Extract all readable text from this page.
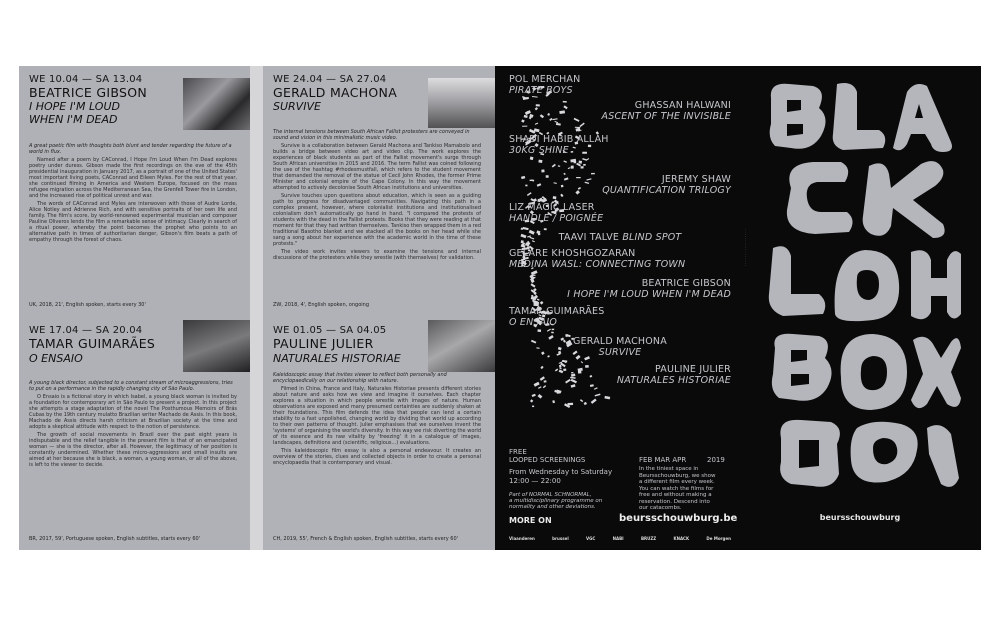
WE 10.04 — SA 13.04
BEATRICE GIBSON
I HOPE I'M LOUD
WHEN I'M DEAD
A great poetic film with thoughts both blunt and tender regarding the future of a world in flux.

Named after a poem by CAConrad, I Hope I'm Loud When I'm Dead explores poetry under duress. Gibson made the first recordings on the eve of the 45th presidential inauguration in January 2017, as a portrait of one of the United States' most important living poets, CAConrad and Eileen Myles. For the rest of that year, she continued filming in America and Western Europe, focused on the mass refugee migration across the Mediterranean Sea, the Grenfell Tower fire in London, and the increased rise of political unrest and war.

The words of CAConrad and Myles are interwoven with those of Audre Lorde, Alice Notley and Adrienne Rich, and with sensitive portraits of her own life and family. The film's score, by world-renowned experimental musician and composer Pauline Oliveros lends the film a remarkable sense of intimacy. Clearly in search of a ritual power, whereby the point becomes the prophet who points to an alternative path in times of authoritarian danger, Gibson's film beats a path of empathy through the forest of chaos.

UK, 2018, 21', English spoken, starts every 30'
WE 17.04 — SA 20.04
TAMAR GUIMARÃES
O ENSAIO
A young black director, subjected to a constant stream of microaggressions, tries to put on a performance in the rapidly changing city of São Paulo.

O Ensaio is a fictional story in which Isabel, a young black woman is invited by a foundation for contemporary art in São Paulo to present a project. In this project she attempts a stage adaptation of the novel The Posthumous Memoirs of Brás Cubas by the 19th century mulatto Brazilian writer Machado de Assis. In this book, Machado de Assis directs harsh criticism at Brazilian society at the time and adopts a skeptical attitude with respect to the notion of persistence.

The growth of social movements in Brazil over the past eight years is indisputable and the relief tangible in the present film is that of an emancipated woman — she is the director, after all. However, the legitimacy of her position is constantly undermined. Whether these micro-aggressions and small insults are aimed at her because she is black, a woman, a young woman, or all of the above, is left to the viewer to decide.

BR, 2017, 59', Portuguese spoken, English subtitles, starts every 60'
WE 24.04 — SA 27.04
GERALD MACHONA
SURVIVE
The internal tensions between South African Fallist protesters are conveyed in sound and vision in this minimalistic music video.

Survive is a collaboration between Gerald Machona and Tankiso Mamabolo and builds a bridge between video art and video clip. The work explores the experiences of black students as part of the Fallist movement's surge through South African universities in 2015 and 2016. The term Fallist was coined following the use of the hashtag #rhodesmustfall, which refers to the student movement that demanded the removal of the statue of Cecil John Rhodes, the former Prime Minister and colonial empire of the Cape Colony. In this way the movement attempted to actively decolonise South African institutions and universities.

Survive touches upon questions about education, which is seen as a guiding path to progress for disadvantaged communities. Navigating this path in a complex present, however, where colonialist institutions and institutionalised colonialism don't automatically go hand in hand. "I compared the protests of students with the dead in the Fallist protests. Books that they were reading at that moment for that they had written themselves. Tankiso then wrapped them in a red traditional Basotho blanket and we stacked all the books on her head while she sang a song about her experience with the academic world in the time of these protests."

The video work invites viewers to examine the tensions and internal discussions of the protesters while they wrestle (with themselves) for validation.

ZW, 2018, 4', English spoken, ongoing
WE 01.05 — SA 04.05
PAULINE JULIER
NATURALES HISTORIAE
Kaleidoscopic essay that invites viewer to reflect both personally and encyclopaedically on our relationship with nature.

Filmed in China, France and Italy, Naturales Historiae presents different stories about nature and asks how we view and imagine it ourselves. Each chapter explores a situation in which people wrestle with images of nature. Human observations are exposed and many presumed certainties are suddenly shaken at their foundations. This film defends the idea that people can lend a certain stability to a fast unpolished, changing world by dividing that world up according to their own patterns of thought. Julier emphasises that we ourselves invent the 'systems' of organising the world's diversity. In this way we risk diverting the world of its essence and its raw vitality by 'freezing' it in a catalogue of images, landscapes, definitions and (scientific, religious...) evaluations.

This kaleidoscopic film essay is also a personal endeavour. It creates an overview of the stories, clues and collected objects in order to create a personal encyclopaedia that is contemporary and visual.

CH, 2019, 55', French & English spoken, English subtitles, starts every 60'
POL MERCHAN
PIRATE BOYS
GHASSAN HALWANI
ASCENT OF THE INVISIBLE
SHADI HABIB ALLAH
30KG SHINE
JEREMY SHAW
QUANTIFICATION TRILOGY
LIZ MAGIC LASER
HANDLE / POIGNÉE
TAAVI TALVE BLIND SPOT
GELARE KHOSHGOZARAN
MEDINA WASL: CONNECTING TOWN
BEATRICE GIBSON
I HOPE I'M LOUD WHEN I'M DEAD
TAMAR GUIMARÃES
O ENSAIO
GERALD MACHONA
SURVIVE
PAULINE JULIER
NATURALES HISTORIAE
FREE
LOOPED SCREENINGS	FEB MAR APR	2019
From Wednesday to Saturday
12:00 — 22:00
Part of NORMAL SCHNORMAL,
a multidisciplinary programme on
normality and other deviations.
In the tiniest space in
Beursschouwburg, we show
a different film every week.
You can watch the films for
free and without making a
reservation. Descend into
our catacombs.
MORE ON	beursschouwburg.be
Vlaanderen	brussel	VGC	NABI	BRUZZ	KNACK	De Morgen
· · · · · · · · · · · · · · · · ·
beursschouwburg
